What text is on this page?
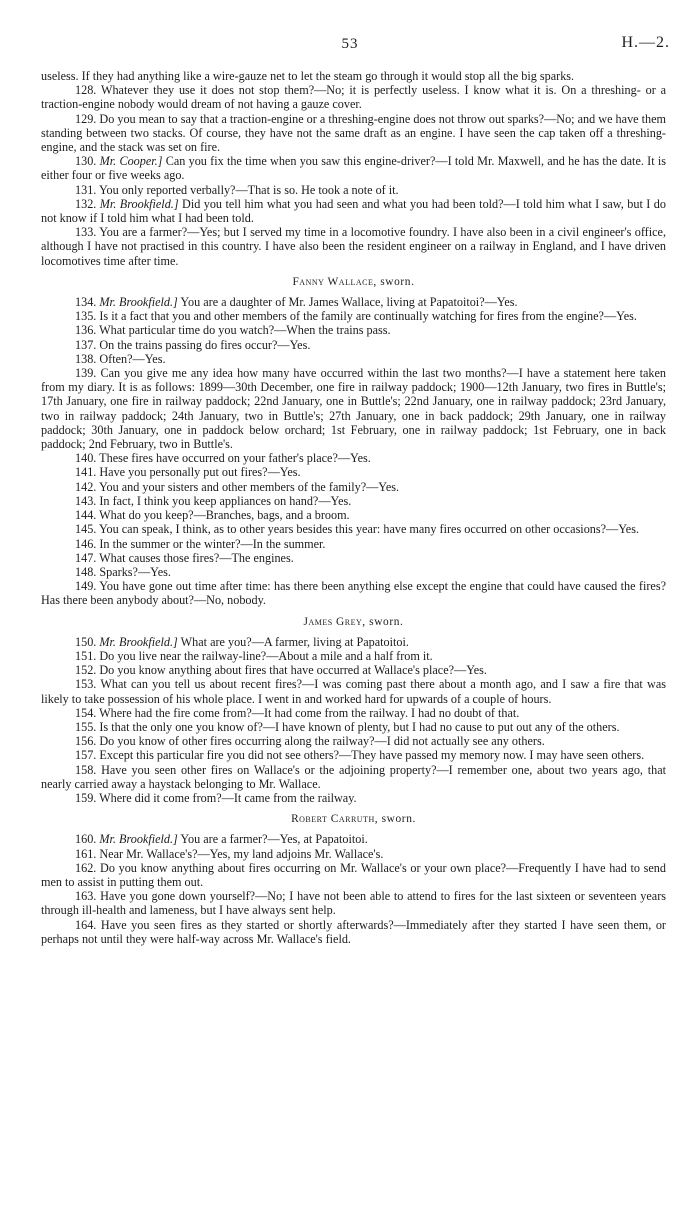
53	H.—2.

useless. If they had anything like a wire-gauze net to let the steam go through it would stop all the big sparks.

128. Whatever they use it does not stop them?—No; it is perfectly useless. I know what it is. On a threshing- or a traction-engine nobody would dream of not having a gauze cover.

129. Do you mean to say that a traction-engine or a threshing-engine does not throw out sparks?—No; and we have them standing between two stacks. Of course, they have not the same draft as an engine. I have seen the cap taken off a threshing-engine, and the stack was set on fire.

130. Mr. Cooper.] Can you fix the time when you saw this engine-driver?—I told Mr. Maxwell, and he has the date. It is either four or five weeks ago.

131. You only reported verbally?—That is so. He took a note of it.

132. Mr. Brookfield.] Did you tell him what you had seen and what you had been told?—I told him what I saw, but I do not know if I told him what I had been told.

133. You are a farmer?—Yes; but I served my time in a locomotive foundry. I have also been in a civil engineer's office, although I have not practised in this country. I have also been the resident engineer on a railway in England, and I have driven locomotives time after time.

Fanny Wallace, sworn.

134. Mr. Brookfield.] You are a daughter of Mr. James Wallace, living at Papatoitoi?—Yes.

135. Is it a fact that you and other members of the family are continually watching for fires from the engine?—Yes.

136. What particular time do you watch?—When the trains pass.

137. On the trains passing do fires occur?—Yes.

138. Often?—Yes.

139. Can you give me any idea how many have occurred within the last two months?—I have a statement here taken from my diary. It is as follows: 1899—30th December, one fire in railway paddock; 1900—12th January, two fires in Buttle's; 17th January, one fire in railway paddock; 22nd January, one in Buttle's; 22nd January, one in railway paddock; 23rd January, two in railway paddock; 24th January, two in Buttle's; 27th January, one in back paddock; 29th January, one in railway paddock; 30th January, one in paddock below orchard; 1st February, one in railway paddock; 1st February, one in back paddock; 2nd February, two in Buttle's.

140. These fires have occurred on your father's place?—Yes.

141. Have you personally put out fires?—Yes.

142. You and your sisters and other members of the family?—Yes.

143. In fact, I think you keep appliances on hand?—Yes.

144. What do you keep?—Branches, bags, and a broom.

145. You can speak, I think, as to other years besides this year: have many fires occurred on other occasions?—Yes.

146. In the summer or the winter?—In the summer.

147. What causes those fires?—The engines.

148. Sparks?—Yes.

149. You have gone out time after time: has there been anything else except the engine that could have caused the fires? Has there been anybody about?—No, nobody.

James Grey, sworn.

150. Mr. Brookfield.] What are you?—A farmer, living at Papatoitoi.

151. Do you live near the railway-line?—About a mile and a half from it.

152. Do you know anything about fires that have occurred at Wallace's place?—Yes.

153. What can you tell us about recent fires?—I was coming past there about a month ago, and I saw a fire that was likely to take possession of his whole place. I went in and worked hard for upwards of a couple of hours.

154. Where had the fire come from?—It had come from the railway. I had no doubt of that.

155. Is that the only one you know of?—I have known of plenty, but I had no cause to put out any of the others.

156. Do you know of other fires occurring along the railway?—I did not actually see any others.

157. Except this particular fire you did not see others?—They have passed my memory now. I may have seen others.

158. Have you seen other fires on Wallace's or the adjoining property?—I remember one, about two years ago, that nearly carried away a haystack belonging to Mr. Wallace.

159. Where did it come from?—It came from the railway.

Robert Carruth, sworn.

160. Mr. Brookfield.] You are a farmer?—Yes, at Papatoitoi.

161. Near Mr. Wallace's?—Yes, my land adjoins Mr. Wallace's.

162. Do you know anything about fires occurring on Mr. Wallace's or your own place?—Frequently I have had to send men to assist in putting them out.

163. Have you gone down yourself?—No; I have not been able to attend to fires for the last sixteen or seventeen years through ill-health and lameness, but I have always sent help.

164. Have you seen fires as they started or shortly afterwards?—Immediately after they started I have seen them, or perhaps not until they were half-way across Mr. Wallace's field.
